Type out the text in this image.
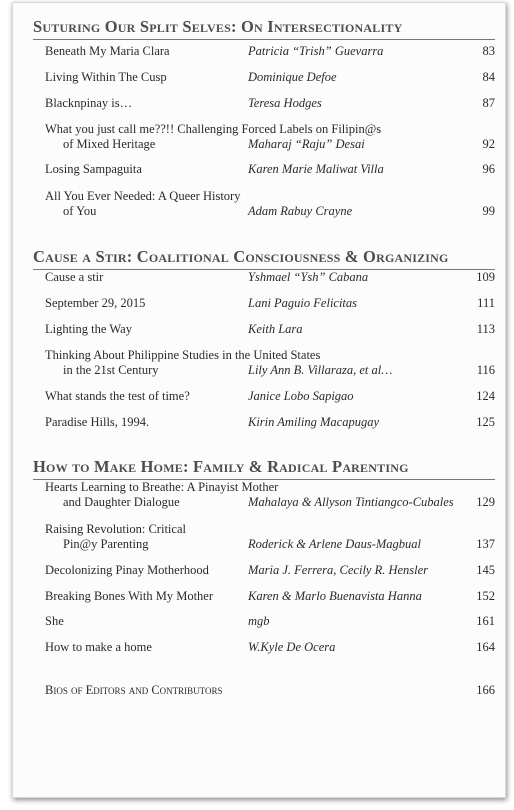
Suturing Our Split Selves: On Intersectionality
Beneath My Maria Clara	Patricia “Trish” Guevarra	83
Living Within The Cusp	Dominique Defoe	84
Blacknpinay is…	Teresa Hodges	87
What you just call me??!! Challenging Forced Labels on Filipin@s
of Mixed Heritage	Maharaj “Raju” Desai	92
Losing Sampaguita	Karen Marie Maliwat Villa	96
All You Ever Needed: A Queer History
of You	Adam Rabuy Crayne	99
Cause a Stir: Coalitional Consciousness & Organizing
Cause a stir	Yshmael “Ysh” Cabana	109
September 29, 2015	Lani Paguio Felicitas	111
Lighting the Way	Keith Lara	113
Thinking About Philippine Studies in the United States
in the 21st Century	Lily Ann B. Villaraza, et al…	116
What stands the test of time?	Janice Lobo Sapigao	124
Paradise Hills, 1994.	Kirin Amiling Macapugay	125
How to Make Home: Family & Radical Parenting
Hearts Learning to Breathe: A Pinayist Mother
and Daughter Dialogue	Mahalaya & Allyson Tintiangco-Cubales 129
Raising Revolution: Critical
Pin@y Parenting	Roderick & Arlene Daus-Magbual	137
Decolonizing Pinay Motherhood	Maria J. Ferrera, Cecily R. Hensler	145
Breaking Bones With My Mother	Karen & Marlo Buenavista Hanna	152
She	mgb	161
How to make a home	W.Kyle De Ocera	164
Bios of Editors and Contributors	166
